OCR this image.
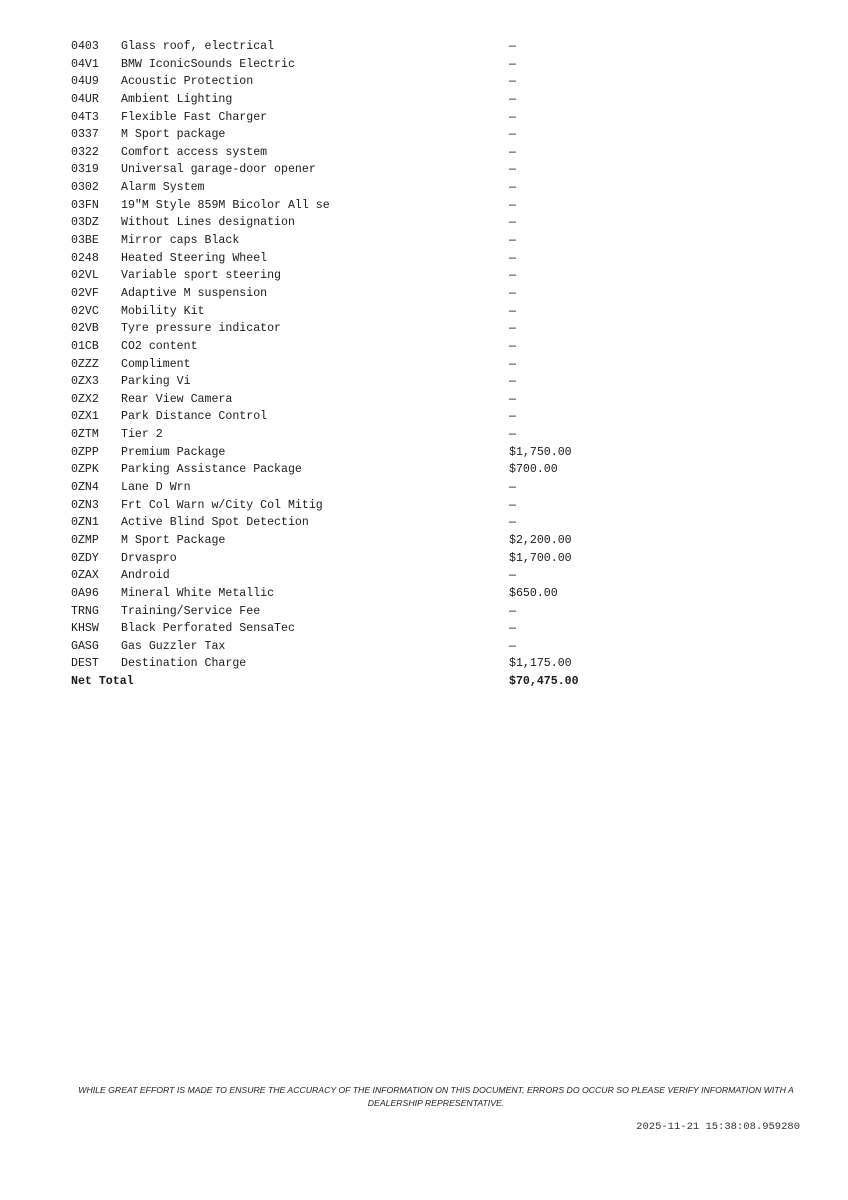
0403	Glass roof, electrical	—
04V1	BMW IconicSounds Electric	—
04U9	Acoustic Protection	—
04UR	Ambient Lighting	—
04T3	Flexible Fast Charger	—
0337	M Sport package	—
0322	Comfort access system	—
0319	Universal garage-door opener	—
0302	Alarm System	—
03FN	19"M Style 859M Bicolor All se	—
03DZ	Without Lines designation	—
03BE	Mirror caps Black	—
0248	Heated Steering Wheel	—
02VL	Variable sport steering	—
02VF	Adaptive M suspension	—
02VC	Mobility Kit	—
02VB	Tyre pressure indicator	—
01CB	CO2 content	—
0ZZZ	Compliment	—
0ZX3	Parking Vi	—
0ZX2	Rear View Camera	—
0ZX1	Park Distance Control	—
0ZTM	Tier 2	—
0ZPP	Premium Package	$1,750.00
0ZPK	Parking Assistance Package	$700.00
0ZN4	Lane D Wrn	—
0ZN3	Frt Col Warn w/City Col Mitig	—
0ZN1	Active Blind Spot Detection	—
0ZMP	M Sport Package	$2,200.00
0ZDY	Drvaspro	$1,700.00
0ZAX	Android	—
0A96	Mineral White Metallic	$650.00
TRNG	Training/Service Fee	—
KHSW	Black Perforated SensaTec	—
GASG	Gas Guzzler Tax	—
DEST	Destination Charge	$1,175.00
Net Total	$70,475.00
WHILE GREAT EFFORT IS MADE TO ENSURE THE ACCURACY OF THE INFORMATION ON THIS DOCUMENT, ERRORS DO OCCUR SO PLEASE VERIFY INFORMATION WITH A DEALERSHIP REPRESENTATIVE.
2025-11-21 15:38:08.959280
